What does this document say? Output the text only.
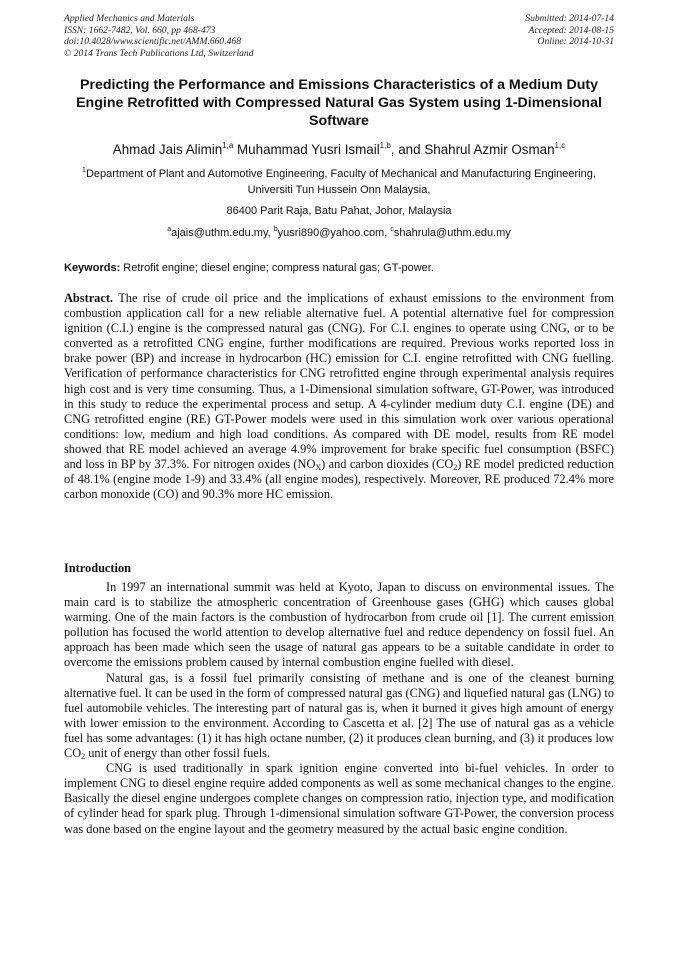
Applied Mechanics and Materials
ISSN: 1662-7482, Vol. 660, pp 468-473
doi:10.4028/www.scientific.net/AMM.660.468
© 2014 Trans Tech Publications Ltd, Switzerland
Submitted: 2014-07-14
Accepted: 2014-08-15
Online: 2014-10-31
Predicting the Performance and Emissions Characteristics of a Medium Duty Engine Retrofitted with Compressed Natural Gas System using 1-Dimensional Software
Ahmad Jais Alimin$^{1,a}$ Muhammad Yusri Ismail$^{1,b}$, and Shahrul Azmir Osman$^{1,c}$
$^1$Department of Plant and Automotive Engineering, Faculty of Mechanical and Manufacturing Engineering, Universiti Tun Hussein Onn Malaysia,
86400 Parit Raja, Batu Pahat, Johor, Malaysia
$^a$ajais@uthm.edu.my, $^b$yusri890@yahoo.com, $^c$shahrula@uthm.edu.my
Keywords: Retrofit engine; diesel engine; compress natural gas; GT-power.
Abstract. The rise of crude oil price and the implications of exhaust emissions to the environment from combustion application call for a new reliable alternative fuel. A potential alternative fuel for compression ignition (C.I.) engine is the compressed natural gas (CNG). For C.I. engines to operate using CNG, or to be converted as a retrofitted CNG engine, further modifications are required. Previous works reported loss in brake power (BP) and increase in hydrocarbon (HC) emission for C.I. engine retrofitted with CNG fuelling. Verification of performance characteristics for CNG retrofitted engine through experimental analysis requires high cost and is very time consuming. Thus, a 1-Dimensional simulation software, GT-Power, was introduced in this study to reduce the experimental process and setup. A 4-cylinder medium duty C.I. engine (DE) and CNG retrofitted engine (RE) GT-Power models were used in this simulation work over various operational conditions: low, medium and high load conditions. As compared with DE model, results from RE model showed that RE model achieved an average 4.9% improvement for brake specific fuel consumption (BSFC) and loss in BP by 37.3%. For nitrogen oxides $(NO_X)$ and carbon dioxides $(CO_2)$ RE model predicted reduction of 48.1% (engine mode 1-9) and 33.4% (all engine modes), respectively. Moreover, RE produced 72.4% more carbon monoxide (CO) and 90.3% more HC emission.
Introduction

In 1997 an international summit was held at Kyoto, Japan to discuss on environmental issues. The main card is to stabilize the atmospheric concentration of Greenhouse gases (GHG) which causes global warming. One of the main factors is the combustion of hydrocarbon from crude oil [1]. The current emission pollution has focused the world attention to develop alternative fuel and reduce dependency on fossil fuel. An approach has been made which seen the usage of natural gas appears to be a suitable candidate in order to overcome the emissions problem caused by internal combustion engine fuelled with diesel.

Natural gas, is a fossil fuel primarily consisting of methane and is one of the cleanest burning alternative fuel. It can be used in the form of compressed natural gas (CNG) and liquefied natural gas (LNG) to fuel automobile vehicles. The interesting part of natural gas is, when it burned it gives high amount of energy with lower emission to the environment. According to Cascetta et al. [2] The use of natural gas as a vehicle fuel has some advantages: (1) it has high octane number, (2) it produces clean burning, and (3) it produces low $CO_2$ unit of energy than other fossil fuels.

CNG is used traditionally in spark ignition engine converted into bi-fuel vehicles. In order to implement CNG to diesel engine require added components as well as some mechanical changes to the engine. Basically the diesel engine undergoes complete changes on compression ratio, injection type, and modification of cylinder head for spark plug. Through 1-dimensional simulation software GT-Power, the conversion process was done based on the engine layout and the geometry measured by the actual basic engine condition.
